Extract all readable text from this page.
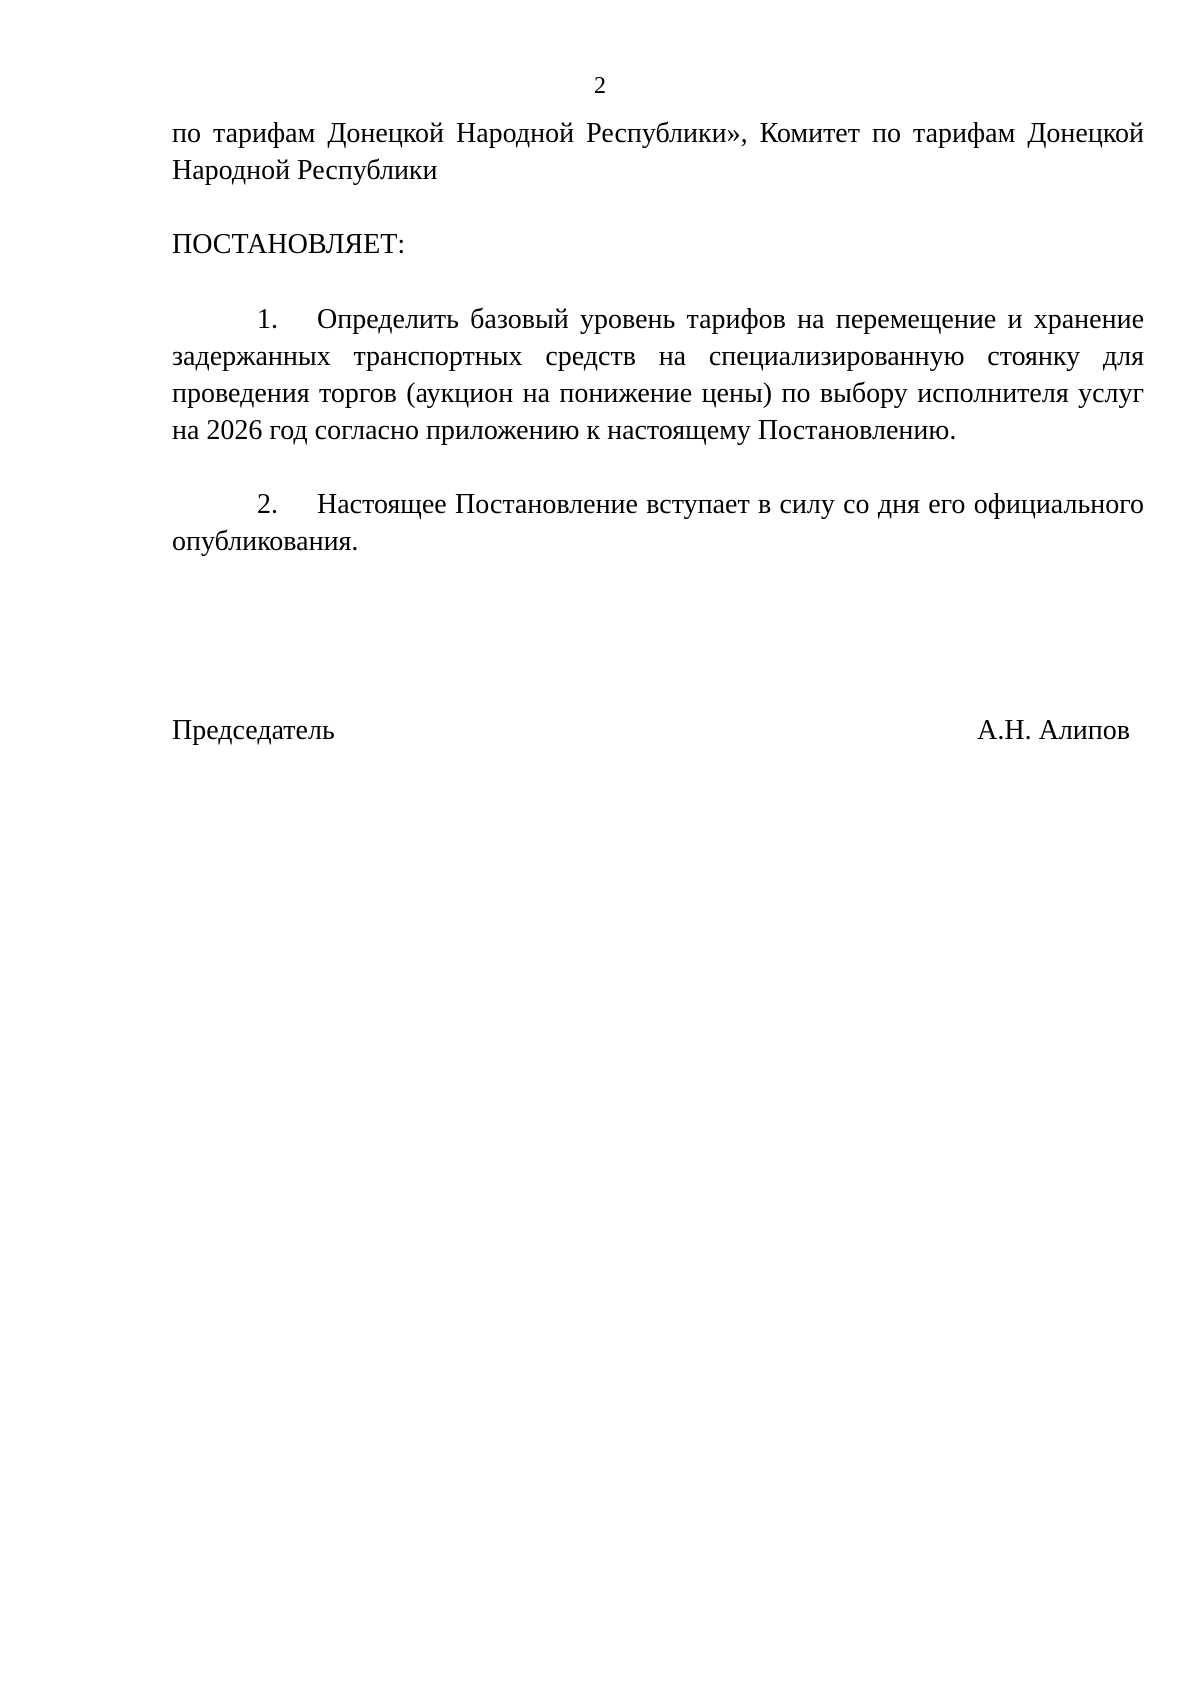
2
по тарифам Донецкой Народной Республики», Комитет по тарифам Донецкой Народной Республики
ПОСТАНОВЛЯЕТ:
1. Определить базовый уровень тарифов на перемещение и хранение задержанных транспортных средств на специализированную стоянку для проведения торгов (аукцион на понижение цены) по выбору исполнителя услуг на 2026 год согласно приложению к настоящему Постановлению.
2. Настоящее Постановление вступает в силу со дня его официального опубликования.
Председатель	А.Н. Алипов
